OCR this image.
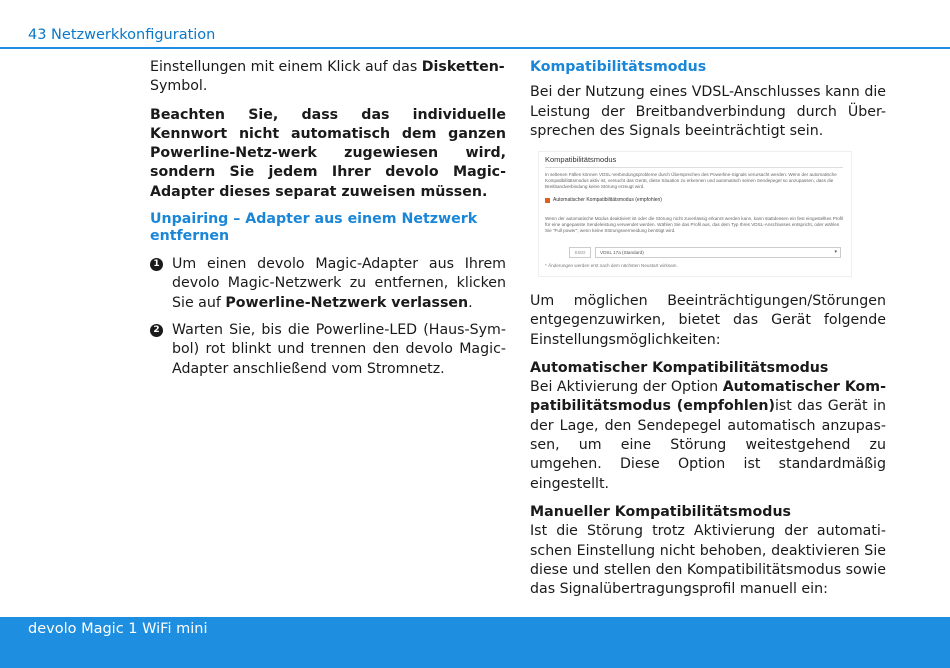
43 Netzwerkkonfiguration

Einstellungen mit einem Klick auf das Disketten-
Symbol.

Beachten Sie, dass das individuelle Kennwort nicht automatisch dem ganzen Powerline-Netz-werk zugewiesen wird, sondern Sie jedem Ihrer devolo Magic-Adapter dieses separat zuweisen müssen.

Unpairing – Adapter aus einem Netzwerk entfernen

1 Um einen devolo Magic-Adapter aus Ihrem devolo Magic-Netzwerk zu entfernen, klicken Sie auf Powerline-Netzwerk verlassen.

2 Warten Sie, bis die Powerline-LED (Haus-Sym-bol) rot blinkt und trennen den devolo Magic-Adapter anschließend vom Stromnetz.

Kompatibilitätsmodus

Bei der Nutzung eines VDSL-Anschlusses kann die Leistung der Breitbandverbindung durch Über-sprechen des Signals beeinträchtigt sein.

Kompatibilitätsmodus
In seltenen Fällen können VDSL-Verbindungsprobleme durch Übersprechen des Powerline-Signals verursacht werden. Wenn der automatische Kompatibilitätsmodus aktiv ist, versucht das Gerät, diese Situation zu erkennen und automatisch seinen Sendepegel so anzupassen, dass die Breitbandverbindung keine Störung erzeugt wird.
Automatischer Kompatibilitätsmodus (empfohlen)
Wenn der automatische Modus deaktiviert ist oder die Störung nicht zuverlässig erkannt werden kann, kann stattdessen ein fest eingestelltes Profil für eine angepasste Sendeleistung verwendet werden. Wählen Sie das Profil aus, das dem Typ Ihres VDSL-Anschlusses entspricht, oder wählen Sie "Full power", wenn keine Störungsvermeidung benötigt wird.
SISO	VDSL 17a (Standard)	▾
* Änderungen werden erst nach dem nächsten Neustart wirksam.

Um möglichen Beeinträchtigungen/Störungen entgegenzuwirken, bietet das Gerät folgende Einstellungsmöglichkeiten:

Automatischer Kompatibilitätsmodus

Bei Aktivierung der Option Automatischer Kom-patibilitätsmodus (empfohlen)ist das Gerät in der Lage, den Sendepegel automatisch anzupas-sen, um eine Störung weitestgehend zu umgehen. Diese Option ist standardmäßig eingestellt.

Manueller Kompatibilitätsmodus

Ist die Störung trotz Aktivierung der automati-schen Einstellung nicht behoben, deaktivieren Sie diese und stellen den Kompatibilitätsmodus sowie das Signalübertragungsprofil manuell ein:

devolo Magic 1 WiFi mini
